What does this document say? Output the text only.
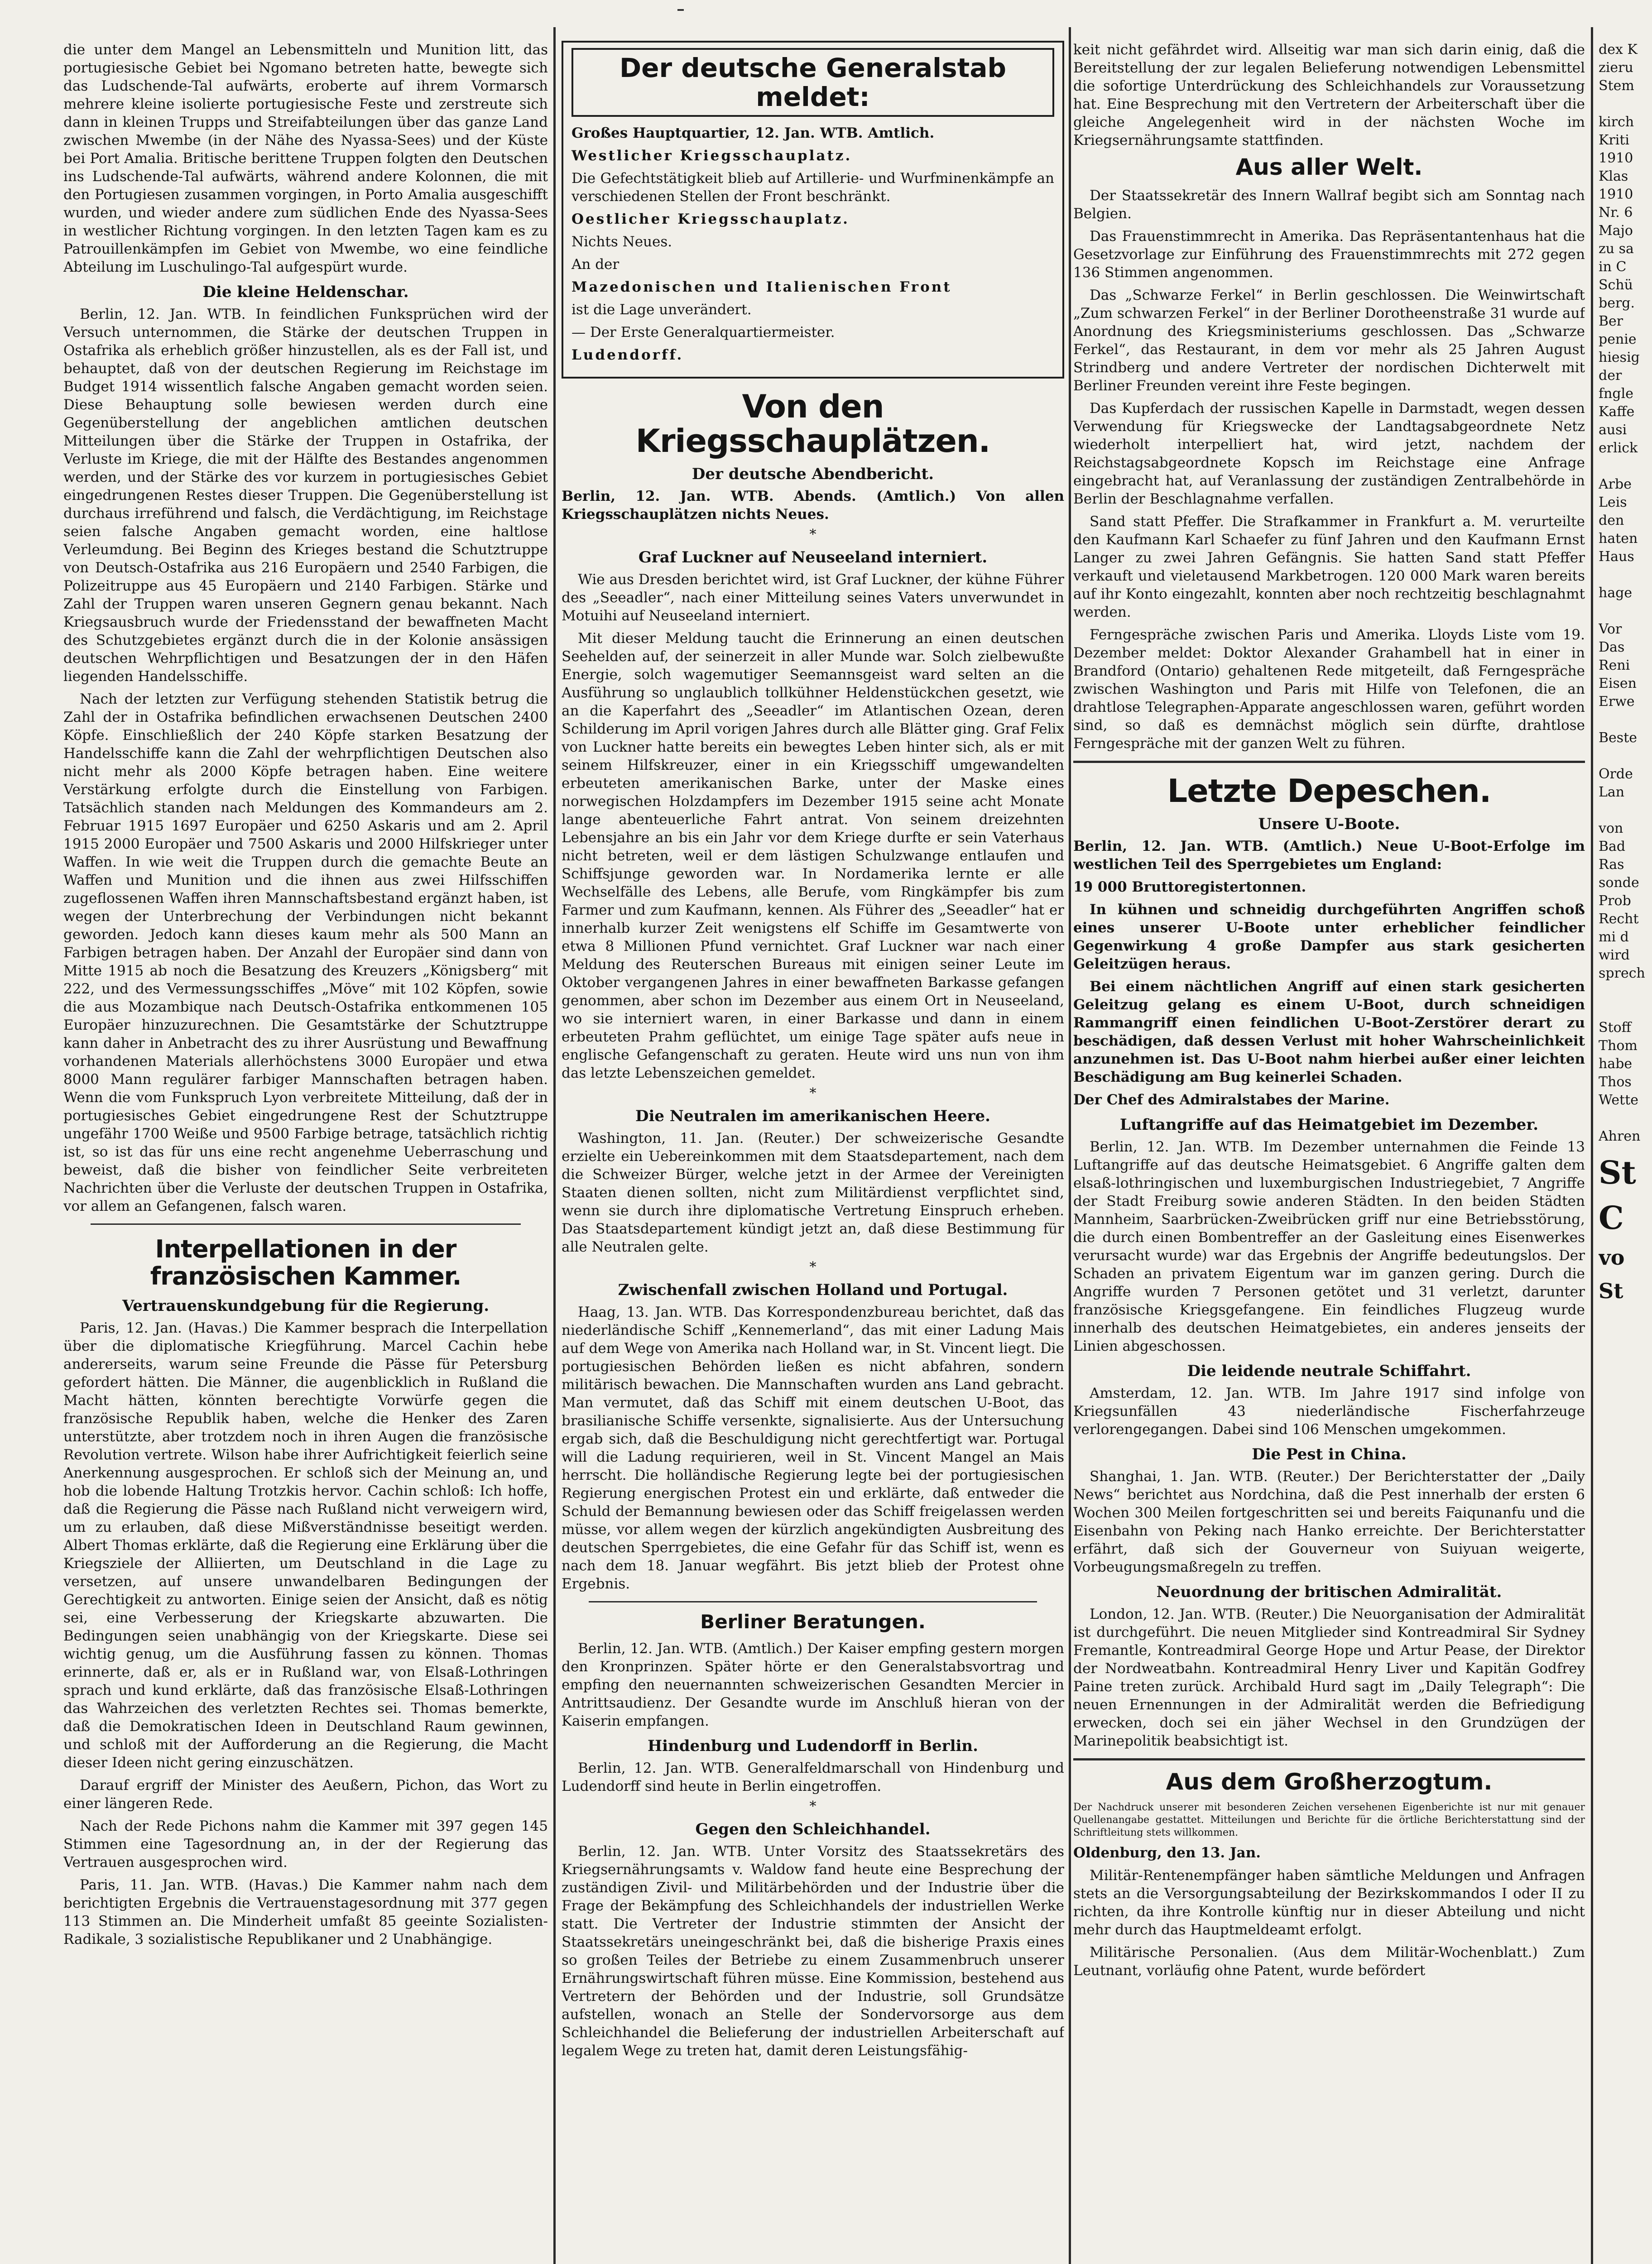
die unter dem Mangel an Lebensmitteln und Munition litt, das portugiesische Gebiet bei Ngomano betreten hatte, bewegte sich das Ludschende-Tal aufwärts, eroberte auf ihrem Vormarsch mehrere kleine isolierte portugiesische Feste und zerstreute sich dann in kleinen Trupps und Streifabteilungen über das ganze Land zwischen Mwembe (in der Nähe des Nyassa-Sees) und der Küste bei Port Amalia. Britische berittene Truppen folgten den Deutschen ins Ludschende-Tal aufwärts, während andere Kolonnen, die mit den Portugiesen zusammen vorgingen, in Porto Amalia ausgeschifft wurden, und wieder andere zum südlichen Ende des Nyassa-Sees in westlicher Richtung vorgingen. In den letzten Tagen kam es zu Patrouillenkämpfen im Gebiet von Mwembe, wo eine feindliche Abteilung im Luschulingo-Tal aufgespürt wurde.

Die kleine Heldenschar.

Berlin, 12. Jan. WTB. In feindlichen Funksprüchen wird der Versuch unternommen, die Stärke der deutschen Truppen in Ostafrika als erheblich größer hinzustellen, als es der Fall ist, und behauptet, daß von der deutschen Regierung im Reichstage im Budget 1914 wissentlich falsche Angaben gemacht worden seien. Diese Behauptung solle bewiesen werden durch eine Gegenüberstellung der angeblichen amtlichen deutschen Mitteilungen über die Stärke der Truppen in Ostafrika, der Verluste im Kriege, die mit der Hälfte des Bestandes angenommen werden, und der Stärke des vor kurzem in portugiesisches Gebiet eingedrungenen Restes dieser Truppen. Die Gegenüberstellung ist durchaus irreführend und falsch, die Verdächtigung, im Reichstage seien falsche Angaben gemacht worden, eine haltlose Verleumdung. Bei Beginn des Krieges bestand die Schutztruppe von Deutsch-Ostafrika aus 216 Europäern und 2540 Farbigen, die Polizeitruppe aus 45 Europäern und 2140 Farbigen. Stärke und Zahl der Truppen waren unseren Gegnern genau bekannt. Nach Kriegsausbruch wurde der Friedensstand der bewaffneten Macht des Schutzgebietes ergänzt durch die in der Kolonie ansässigen deutschen Wehrpflichtigen und Besatzungen der in den Häfen liegenden Handelsschiffe.

Nach der letzten zur Verfügung stehenden Statistik betrug die Zahl der in Ostafrika befindlichen erwachsenen Deutschen 2400 Köpfe. Einschließlich der 240 Köpfe starken Besatzung der Handelsschiffe kann die Zahl der wehrpflichtigen Deutschen also nicht mehr als 2000 Köpfe betragen haben. Eine weitere Verstärkung erfolgte durch die Einstellung von Farbigen. Tatsächlich standen nach Meldungen des Kommandeurs am 2. Februar 1915 1697 Europäer und 6250 Askaris und am 2. April 1915 2000 Europäer und 7500 Askaris und 2000 Hilfskrieger unter Waffen. In wie weit die Truppen durch die gemachte Beute an Waffen und Munition und die ihnen aus zwei Hilfsschiffen zugeflossenen Waffen ihren Mannschaftsbestand ergänzt haben, ist wegen der Unterbrechung der Verbindungen nicht bekannt geworden. Jedoch kann dieses kaum mehr als 500 Mann an Farbigen betragen haben. Der Anzahl der Europäer sind dann von Mitte 1915 ab noch die Besatzung des Kreuzers „Königsberg“ mit 222, und des Vermessungsschiffes „Möve“ mit 102 Köpfen, sowie die aus Mozambique nach Deutsch-Ostafrika entkommenen 105 Europäer hinzuzurechnen. Die Gesamtstärke der Schutztruppe kann daher in Anbetracht des zu ihrer Ausrüstung und Bewaffnung vorhandenen Materials allerhöchstens 3000 Europäer und etwa 8000 Mann regulärer farbiger Mannschaften betragen haben. Wenn die vom Funkspruch Lyon verbreitete Mitteilung, daß der in portugiesisches Gebiet eingedrungene Rest der Schutztruppe ungefähr 1700 Weiße und 9500 Farbige betrage, tatsächlich richtig ist, so ist das für uns eine recht angenehme Ueberraschung und beweist, daß die bisher von feindlicher Seite verbreiteten Nachrichten über die Verluste der deutschen Truppen in Ostafrika, vor allem an Gefangenen, falsch waren.

Interpellationen in der französischen Kammer.
Vertrauenskundgebung für die Regierung.

Paris, 12. Jan. (Havas.) Die Kammer besprach die Interpellation über die diplomatische Kriegführung. Marcel Cachin hebe andererseits, warum seine Freunde die Pässe für Petersburg gefordert hätten. Die Männer, die augenblicklich in Rußland die Macht hätten, könnten berechtigte Vorwürfe gegen die französische Republik haben, welche die Henker des Zaren unterstützte, aber trotzdem noch in ihren Augen die französische Revolution vertrete. Wilson habe ihrer Aufrichtigkeit feierlich seine Anerkennung ausgesprochen. Er schloß sich der Meinung an, und hob die lobende Haltung Trotzkis hervor. Cachin schloß: Ich hoffe, daß die Regierung die Pässe nach Rußland nicht verweigern wird, um zu erlauben, daß diese Mißverständnisse beseitigt werden. Albert Thomas erklärte, daß die Regierung eine Erklärung über die Kriegsziele der Alliierten, um Deutschland in die Lage zu versetzen, auf unsere unwandelbaren Bedingungen der Gerechtigkeit zu antworten. Einige seien der Ansicht, daß es nötig sei, eine Verbesserung der Kriegskarte abzuwarten. Die Bedingungen seien unabhängig von der Kriegskarte. Diese sei wichtig genug, um die Ausführung fassen zu können. Thomas erinnerte, daß er, als er in Rußland war, von Elsaß-Lothringen sprach und kund erklärte, daß das französische Elsaß-Lothringen das Wahrzeichen des verletzten Rechtes sei. Thomas bemerkte, daß die Demokratischen Ideen in Deutschland Raum gewinnen, und schloß mit der Aufforderung an die Regierung, die Macht dieser Ideen nicht gering einzuschätzen.

Darauf ergriff der Minister des Aeußern, Pichon, das Wort zu einer längeren Rede.

Nach der Rede Pichons nahm die Kammer mit 397 gegen 145 Stimmen eine Tagesordnung an, in der der Regierung das Vertrauen ausgesprochen wird.

Paris, 11. Jan. WTB. (Havas.) Die Kammer nahm nach dem berichtigten Ergebnis die Vertrauenstagesordnung mit 377 gegen 113 Stimmen an. Die Minderheit umfaßt 85 geeinte Sozialisten-Radikale, 3 sozialistische Republikaner und 2 Unabhängige.

Der deutsche Generalstab meldet:

Großes Hauptquartier, 12. Jan. WTB. Amtlich.

Westlicher Kriegsschauplatz.

Die Gefechtstätigkeit blieb auf Artillerie- und Wurfminenkämpfe an verschiedenen Stellen der Front beschränkt.

Oestlicher Kriegsschauplatz.

Nichts Neues.

An der

Mazedonischen und Italienischen Front

ist die Lage unverändert.

— Der Erste Generalquartiermeister.

Ludendorff.

Von den Kriegsschauplätzen.
Der deutsche Abendbericht.

Berlin, 12. Jan. WTB. Abends. (Amtlich.) Von allen Kriegsschauplätzen nichts Neues.

*
Graf Luckner auf Neuseeland interniert.

Wie aus Dresden berichtet wird, ist Graf Luckner, der kühne Führer des „Seeadler“, nach einer Mitteilung seines Vaters unverwundet in Motuihi auf Neuseeland interniert.

Mit dieser Meldung taucht die Erinnerung an einen deutschen Seehelden auf, der seinerzeit in aller Munde war. Solch zielbewußte Energie, solch wagemutiger Seemannsgeist ward selten an die Ausführung so unglaublich tollkühner Heldenstückchen gesetzt, wie an die Kaperfahrt des „Seeadler“ im Atlantischen Ozean, deren Schilderung im April vorigen Jahres durch alle Blätter ging. Graf Felix von Luckner hatte bereits ein bewegtes Leben hinter sich, als er mit seinem Hilfskreuzer, einer in ein Kriegsschiff umgewandelten erbeuteten amerikanischen Barke, unter der Maske eines norwegischen Holzdampfers im Dezember 1915 seine acht Monate lange abenteuerliche Fahrt antrat. Von seinem dreizehnten Lebensjahre an bis ein Jahr vor dem Kriege durfte er sein Vaterhaus nicht betreten, weil er dem lästigen Schulzwange entlaufen und Schiffsjunge geworden war. In Nordamerika lernte er alle Wechselfälle des Lebens, alle Berufe, vom Ringkämpfer bis zum Farmer und zum Kaufmann, kennen. Als Führer des „Seeadler“ hat er innerhalb kurzer Zeit wenigstens elf Schiffe im Gesamtwerte von etwa 8 Millionen Pfund vernichtet. Graf Luckner war nach einer Meldung des Reuterschen Bureaus mit einigen seiner Leute im Oktober vergangenen Jahres in einer bewaffneten Barkasse gefangen genommen, aber schon im Dezember aus einem Ort in Neuseeland, wo sie interniert waren, in einer Barkasse und dann in einem erbeuteten Prahm geflüchtet, um einige Tage später aufs neue in englische Gefangenschaft zu geraten. Heute wird uns nun von ihm das letzte Lebenszeichen gemeldet.

*
Die Neutralen im amerikanischen Heere.

Washington, 11. Jan. (Reuter.) Der schweizerische Gesandte erzielte ein Uebereinkommen mit dem Staatsdepartement, nach dem die Schweizer Bürger, welche jetzt in der Armee der Vereinigten Staaten dienen sollten, nicht zum Militärdienst verpflichtet sind, wenn sie durch ihre diplomatische Vertretung Einspruch erheben. Das Staatsdepartement kündigt jetzt an, daß diese Bestimmung für alle Neutralen gelte.

*
Zwischenfall zwischen Holland und Portugal.

Haag, 13. Jan. WTB. Das Korrespondenzbureau berichtet, daß das niederländische Schiff „Kennemerland“, das mit einer Ladung Mais auf dem Wege von Amerika nach Holland war, in St. Vincent liegt. Die portugiesischen Behörden ließen es nicht abfahren, sondern militärisch bewachen. Die Mannschaften wurden ans Land gebracht. Man vermutet, daß das Schiff mit einem deutschen U-Boot, das brasilianische Schiffe versenkte, signalisierte. Aus der Untersuchung ergab sich, daß die Beschuldigung nicht gerechtfertigt war. Portugal will die Ladung requirieren, weil in St. Vincent Mangel an Mais herrscht. Die holländische Regierung legte bei der portugiesischen Regierung energischen Protest ein und erklärte, daß entweder die Schuld der Bemannung bewiesen oder das Schiff freigelassen werden müsse, vor allem wegen der kürzlich angekündigten Ausbreitung des deutschen Sperrgebietes, die eine Gefahr für das Schiff ist, wenn es nach dem 18. Januar wegfährt. Bis jetzt blieb der Protest ohne Ergebnis.

Berliner Beratungen.

Berlin, 12. Jan. WTB. (Amtlich.) Der Kaiser empfing gestern morgen den Kronprinzen. Später hörte er den Generalstabsvortrag und empfing den neuernannten schweizerischen Gesandten Mercier in Antrittsaudienz. Der Gesandte wurde im Anschluß hieran von der Kaiserin empfangen.

Hindenburg und Ludendorff in Berlin.

Berlin, 12. Jan. WTB. Generalfeldmarschall von Hindenburg und Ludendorff sind heute in Berlin eingetroffen.

*
Gegen den Schleichhandel.

Berlin, 12. Jan. WTB. Unter Vorsitz des Staatssekretärs des Kriegsernährungsamts v. Waldow fand heute eine Besprechung der zuständigen Zivil- und Militärbehörden und der Industrie über die Frage der Bekämpfung des Schleichhandels der industriellen Werke statt. Die Vertreter der Industrie stimmten der Ansicht der Staatssekretärs uneingeschränkt bei, daß die bisherige Praxis eines so großen Teiles der Betriebe zu einem Zusammenbruch unserer Ernährungswirtschaft führen müsse. Eine Kommission, bestehend aus Vertretern der Behörden und der Industrie, soll Grundsätze aufstellen, wonach an Stelle der Sondervorsorge aus dem Schleichhandel die Belieferung der industriellen Arbeiterschaft auf legalem Wege zu treten hat, damit deren Leistungsfähig-

keit nicht gefährdet wird. Allseitig war man sich darin einig, daß die Bereitstellung der zur legalen Belieferung notwendigen Lebensmittel die sofortige Unterdrückung des Schleichhandels zur Voraussetzung hat. Eine Besprechung mit den Vertretern der Arbeiterschaft über die gleiche Angelegenheit wird in der nächsten Woche im Kriegsernährungsamte stattfinden.

Aus aller Welt.

Der Staatssekretär des Innern Wallraf begibt sich am Sonntag nach Belgien.

Das Frauenstimmrecht in Amerika. Das Repräsentantenhaus hat die Gesetzvorlage zur Einführung des Frauenstimmrechts mit 272 gegen 136 Stimmen angenommen.

Das „Schwarze Ferkel“ in Berlin geschlossen. Die Weinwirtschaft „Zum schwarzen Ferkel“ in der Berliner Dorotheenstraße 31 wurde auf Anordnung des Kriegsministeriums geschlossen. Das „Schwarze Ferkel“, das Restaurant, in dem vor mehr als 25 Jahren August Strindberg und andere Vertreter der nordischen Dichterwelt mit Berliner Freunden vereint ihre Feste begingen.

Das Kupferdach der russischen Kapelle in Darmstadt, wegen dessen Verwendung für Kriegswecke der Landtagsabgeordnete Netz wiederholt interpelliert hat, wird jetzt, nachdem der Reichstagsabgeordnete Kopsch im Reichstage eine Anfrage eingebracht hat, auf Veranlassung der zuständigen Zentralbehörde in Berlin der Beschlagnahme verfallen.

Sand statt Pfeffer. Die Strafkammer in Frankfurt a. M. verurteilte den Kaufmann Karl Schaefer zu fünf Jahren und den Kaufmann Ernst Langer zu zwei Jahren Gefängnis. Sie hatten Sand statt Pfeffer verkauft und vieletausend Markbetrogen. 120 000 Mark waren bereits auf ihr Konto eingezahlt, konnten aber noch rechtzeitig beschlagnahmt werden.

Ferngespräche zwischen Paris und Amerika. Lloyds Liste vom 19. Dezember meldet: Doktor Alexander Grahambell hat in einer in Brandford (Ontario) gehaltenen Rede mitgeteilt, daß Ferngespräche zwischen Washington und Paris mit Hilfe von Telefonen, die an drahtlose Telegraphen-Apparate angeschlossen waren, geführt worden sind, so daß es demnächst möglich sein dürfte, drahtlose Ferngespräche mit der ganzen Welt zu führen.

Letzte Depeschen.
Unsere U-Boote.

Berlin, 12. Jan. WTB. (Amtlich.) Neue U-Boot-Erfolge im westlichen Teil des Sperrgebietes um England:

19 000 Bruttoregistertonnen.

In kühnen und schneidig durchgeführten Angriffen schoß eines unserer U-Boote unter erheblicher feindlicher Gegenwirkung 4 große Dampfer aus stark gesicherten Geleitzügen heraus.

Bei einem nächtlichen Angriff auf einen stark gesicherten Geleitzug gelang es einem U-Boot, durch schneidigen Rammangriff einen feindlichen U-Boot-Zerstörer derart zu beschädigen, daß dessen Verlust mit hoher Wahrscheinlichkeit anzunehmen ist. Das U-Boot nahm hierbei außer einer leichten Beschädigung am Bug keinerlei Schaden.

Der Chef des Admiralstabes der Marine.

Luftangriffe auf das Heimatgebiet im Dezember.

Berlin, 12. Jan. WTB. Im Dezember unternahmen die Feinde 13 Luftangriffe auf das deutsche Heimatsgebiet. 6 Angriffe galten dem elsaß-lothringischen und luxemburgischen Industriegebiet, 7 Angriffe der Stadt Freiburg sowie anderen Städten. In den beiden Städten Mannheim, Saarbrücken-Zweibrücken griff nur eine Betriebsstörung, die durch einen Bombentreffer an der Gasleitung eines Eisenwerkes verursacht wurde) war das Ergebnis der Angriffe bedeutungslos. Der Schaden an privatem Eigentum war im ganzen gering. Durch die Angriffe wurden 7 Personen getötet und 31 verletzt, darunter französische Kriegsgefangene. Ein feindliches Flugzeug wurde innerhalb des deutschen Heimatgebietes, ein anderes jenseits der Linien abgeschossen.

Die leidende neutrale Schiffahrt.

Amsterdam, 12. Jan. WTB. Im Jahre 1917 sind infolge von Kriegsunfällen 43 niederländische Fischerfahrzeuge verlorengegangen. Dabei sind 106 Menschen umgekommen.

Die Pest in China.

Shanghai, 1. Jan. WTB. (Reuter.) Der Berichterstatter der „Daily News“ berichtet aus Nordchina, daß die Pest innerhalb der ersten 6 Wochen 300 Meilen fortgeschritten sei und bereits Faiqunanfu und die Eisenbahn von Peking nach Hanko erreichte. Der Berichterstatter erfährt, daß sich der Gouverneur von Suiyuan weigerte, Vorbeugungsmaßregeln zu treffen.

Neuordnung der britischen Admiralität.

London, 12. Jan. WTB. (Reuter.) Die Neuorganisation der Admiralität ist durchgeführt. Die neuen Mitglieder sind Kontreadmiral Sir Sydney Fremantle, Kontreadmiral George Hope und Artur Pease, der Direktor der Nordweatbahn. Kontreadmiral Henry Liver und Kapitän Godfrey Paine treten zurück. Archibald Hurd sagt im „Daily Telegraph“: Die neuen Ernennungen in der Admiralität werden die Befriedigung erwecken, doch sei ein jäher Wechsel in den Grundzügen der Marinepolitik beabsichtigt ist.

Aus dem Großherzogtum.

Der Nachdruck unserer mit besonderen Zeichen versehenen Eigenberichte ist nur mit genauer Quellenangabe gestattet. Mitteilungen und Berichte für die örtliche Berichterstattung sind der Schriftleitung stets willkommen.

Oldenburg, den 13. Jan.

Militär-Rentenempfänger haben sämtliche Meldungen und Anfragen stets an die Versorgungsabteilung der Bezirkskommandos I oder II zu richten, da ihre Kontrolle künftig nur in dieser Abteilung und nicht mehr durch das Hauptmeldeamt erfolgt.

Militärische Personalien. (Aus dem Militär-Wochenblatt.) Zum Leutnant, vorläufig ohne Patent, wurde befördert

dex K
zieru
Stem

kirch
Kriti
1910
Klas
1910
Nr. 6
Majo
zu sa
in C
Schü
berg.
Ber
penie
hiesig
der
fngle
Kaffe
ausi
erlick

Arbe
Leis
den
haten
Haus

hage

Vor
Das
Reni
Eisen
Erwe

Beste

Orde
Lan

von
Bad
Ras
sonde
Prob
Recht
mi d
wird
sprech

Stoff
Thom
habe
Thos
Wette

Ahren
St
C
vo
St
